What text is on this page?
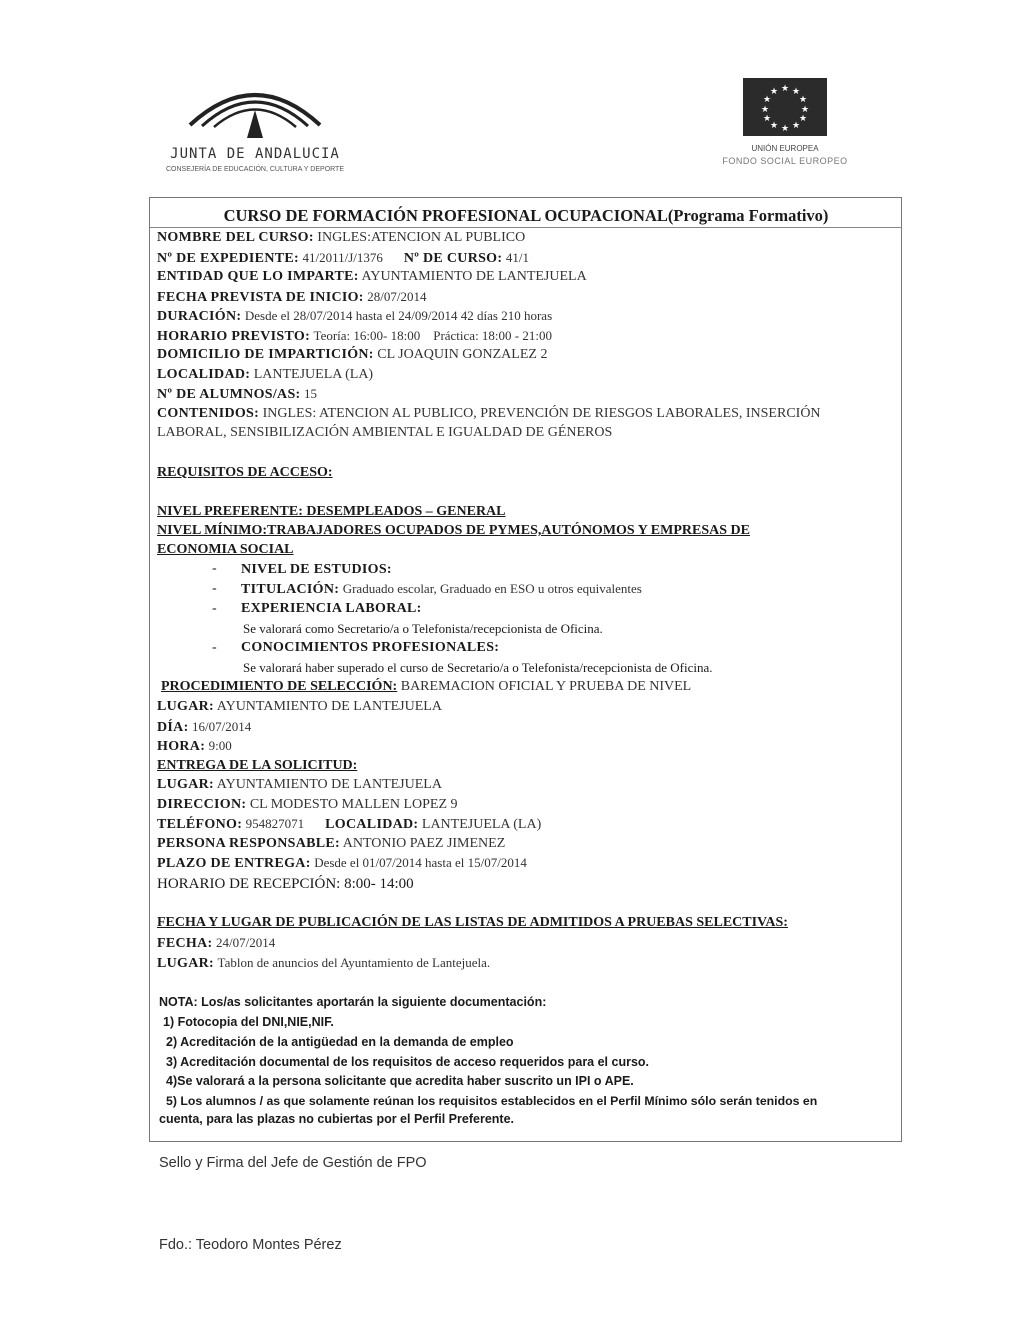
JUNTA DE ANDALUCIA
CONSEJERÍA DE EDUCACIÓN, CULTURA Y DEPORTE
★ ★
★
★
★
★
★
★
★
★
★
★
UNIÓN EUROPEA
FONDO SOCIAL EUROPEO
CURSO DE FORMACIÓN PROFESIONAL OCUPACIONAL(Programa Formativo)
NOMBRE DEL CURSO: INGLES:ATENCION AL PUBLICO
Nº DE EXPEDIENTE: 41/2011/J/1376 Nº DE CURSO: 41/1
ENTIDAD QUE LO IMPARTE: AYUNTAMIENTO DE LANTEJUELA
FECHA PREVISTA DE INICIO: 28/07/2014
DURACIÓN: Desde el 28/07/2014 hasta el 24/09/2014 42 días 210 horas
HORARIO PREVISTO: Teoría: 16:00- 18:00    Práctica: 18:00 - 21:00
DOMICILIO DE IMPARTICIÓN: CL JOAQUIN GONZALEZ 2
LOCALIDAD: LANTEJUELA (LA)
Nº DE ALUMNOS/AS: 15
CONTENIDOS: INGLES: ATENCION AL PUBLICO, PREVENCIÓN DE RIESGOS LABORALES, INSERCIÓN
LABORAL, SENSIBILIZACIÓN AMBIENTAL E IGUALDAD DE GÉNEROS
REQUISITOS DE ACCESO:
NIVEL PREFERENTE: DESEMPLEADOS – GENERAL
NIVEL MÍNIMO:TRABAJADORES OCUPADOS DE PYMES,AUTÓNOMOS Y EMPRESAS DE
ECONOMIA SOCIAL
- NIVEL DE ESTUDIOS:
- TITULACIÓN: Graduado escolar, Graduado en ESO u otros equivalentes
- EXPERIENCIA LABORAL:
Se valorará como Secretario/a o Telefonista/recepcionista de Oficina.
- CONOCIMIENTOS PROFESIONALES:
Se valorará haber superado el curso de Secretario/a o Telefonista/recepcionista de Oficina.
PROCEDIMIENTO DE SELECCIÓN: BAREMACION OFICIAL Y PRUEBA DE NIVEL
LUGAR: AYUNTAMIENTO DE LANTEJUELA
DÍA: 16/07/2014
HORA: 9:00
ENTREGA DE LA SOLICITUD:
LUGAR: AYUNTAMIENTO DE LANTEJUELA
DIRECCION: CL MODESTO MALLEN LOPEZ 9
TELÉFONO: 954827071 LOCALIDAD: LANTEJUELA (LA)
PERSONA RESPONSABLE: ANTONIO PAEZ JIMENEZ
PLAZO DE ENTREGA: Desde el 01/07/2014 hasta el 15/07/2014
HORARIO DE RECEPCIÓN: 8:00- 14:00
FECHA Y LUGAR DE PUBLICACIÓN DE LAS LISTAS DE ADMITIDOS A PRUEBAS SELECTIVAS:
FECHA: 24/07/2014
LUGAR: Tablon de anuncios del Ayuntamiento de Lantejuela.
NOTA: Los/as solicitantes aportarán la siguiente documentación:
1) Fotocopia del DNI,NIE,NIF.
2) Acreditación de la antigüedad en la demanda de empleo
3) Acreditación documental de los requisitos de acceso requeridos para el curso.
4)Se valorará a la persona solicitante que acredita haber suscrito un IPI o APE.
5) Los alumnos / as que solamente reúnan los requisitos establecidos en el Perfil Mínimo sólo serán tenidos en
cuenta, para las plazas no cubiertas por el Perfil Preferente.
Sello y Firma del Jefe de Gestión de FPO
Fdo.: Teodoro Montes Pérez
